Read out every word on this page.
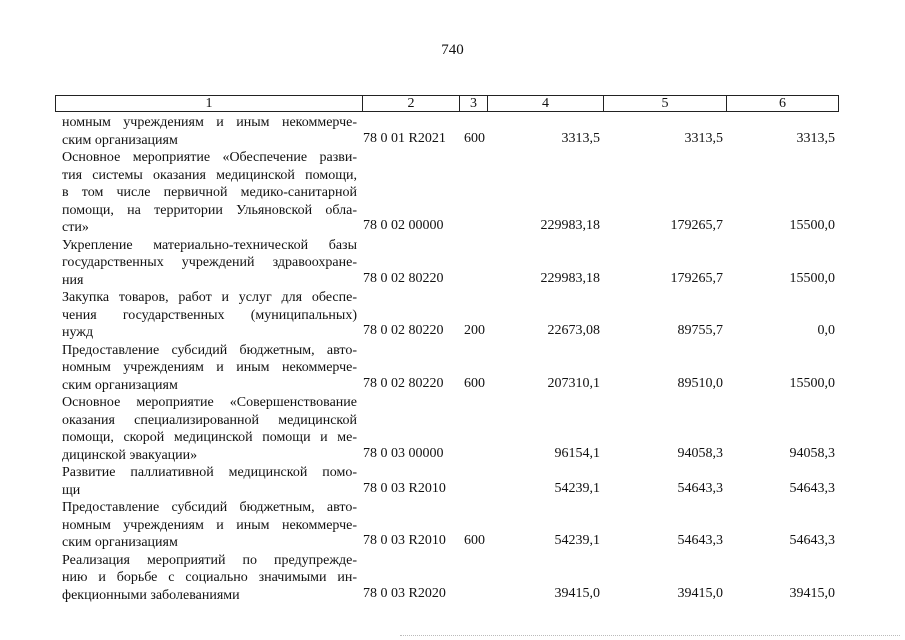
740
1	2	3	4	5	6
номным учреждениям и иным некоммерче-
ским организациям	78 0 01 R2021 600	3313,5	3313,5	3313,5
Основное мероприятие «Обеспечение разви-
тия системы оказания медицинской помощи,
в том числе первичной медико-санитарной
помощи, на территории Ульяновской обла-
сти»	78 0 02 00000	229983,18	179265,7	15500,0
Укрепление материально-технической базы
государственных учреждений здравоохране-
ния	78 0 02 80220	229983,18	179265,7	15500,0
Закупка товаров, работ и услуг для обеспе-
чения государственных (муниципальных)
нужд	78 0 02 80220 200	22673,08	89755,7	0,0
Предоставление субсидий бюджетным, авто-
номным учреждениям и иным некоммерче-
ским организациям	78 0 02 80220 600	207310,1	89510,0	15500,0
Основное мероприятие «Совершенствование
оказания специализированной медицинской
помощи, скорой медицинской помощи и ме-
дицинской эвакуации»	78 0 03 00000	96154,1	94058,3	94058,3
Развитие паллиативной медицинской помо-
щи	78 0 03 R2010	54239,1	54643,3	54643,3
Предоставление субсидий бюджетным, авто-
номным учреждениям и иным некоммерче-
ским организациям	78 0 03 R2010 600	54239,1	54643,3	54643,3
Реализация мероприятий по предупрежде-
нию и борьбе с социально значимыми ин-
фекционными заболеваниями	78 0 03 R2020	39415,0	39415,0	39415,0
